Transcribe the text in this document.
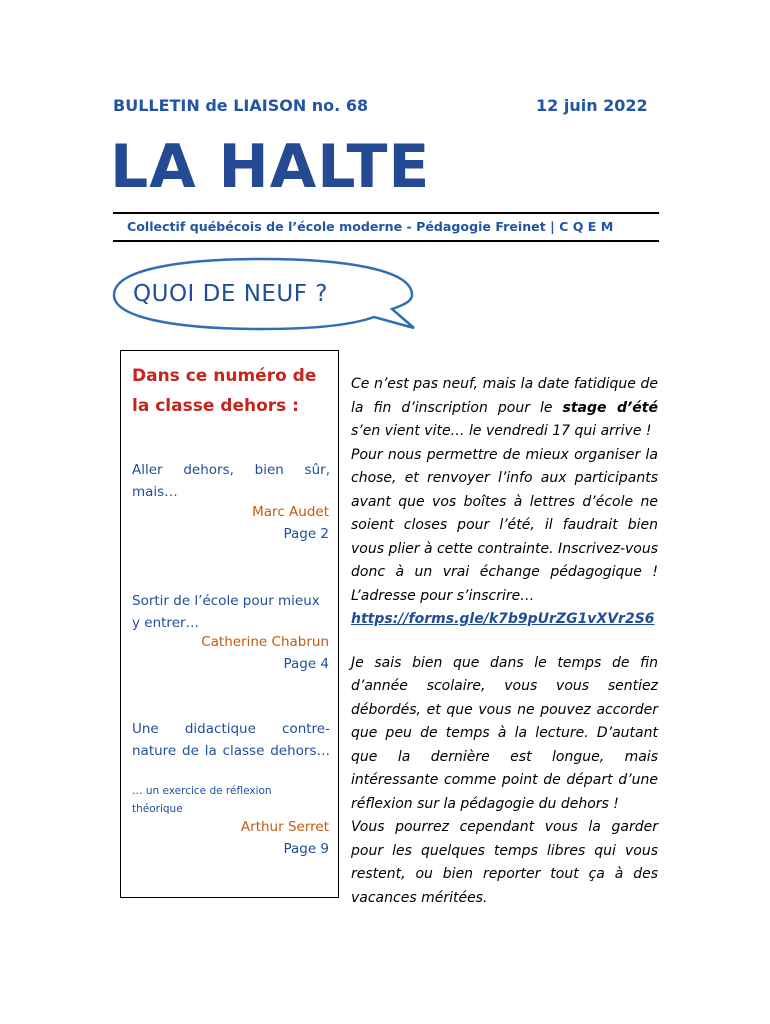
BULLETIN de LIAISON no. 68	12 juin 2022
LA HALTE
Collectif québécois de l’école moderne - Pédagogie Freinet | C Q E M
QUOI DE NEUF ?
Dans ce numéro de la classe dehors :
Aller dehors, bien sûr, mais…
Marc Audet
Page 2
Sortir de l’école pour mieux y entrer…
Catherine Chabrun
Page 4
Une didactique contre-nature de la classe dehors…
… un exercice de réflexion théorique
Arthur Serret
Page 9

Ce n’est pas neuf, mais la date fatidique de la fin d’inscription pour le stage d’été s’en vient vite… le vendredi 17 qui arrive !

Pour nous permettre de mieux organiser la chose, et renvoyer l’info aux participants avant que vos boîtes à lettres d’école ne soient closes pour l’été, il faudrait bien vous plier à cette contrainte. Inscrivez-vous donc à un vrai échange pédagogique ! L’adresse pour s’inscrire…

https://forms.gle/k7b9pUrZG1vXVr2S6

Je sais bien que dans le temps de fin d’année scolaire, vous vous sentiez débordés, et que vous ne pouvez accorder que peu de temps à la lecture. D’autant que la dernière est longue, mais intéressante comme point de départ d’une réflexion sur la pédagogie du dehors !

Vous pourrez cependant vous la garder pour les quelques temps libres qui vous restent, ou bien reporter tout ça à des vacances méritées.
